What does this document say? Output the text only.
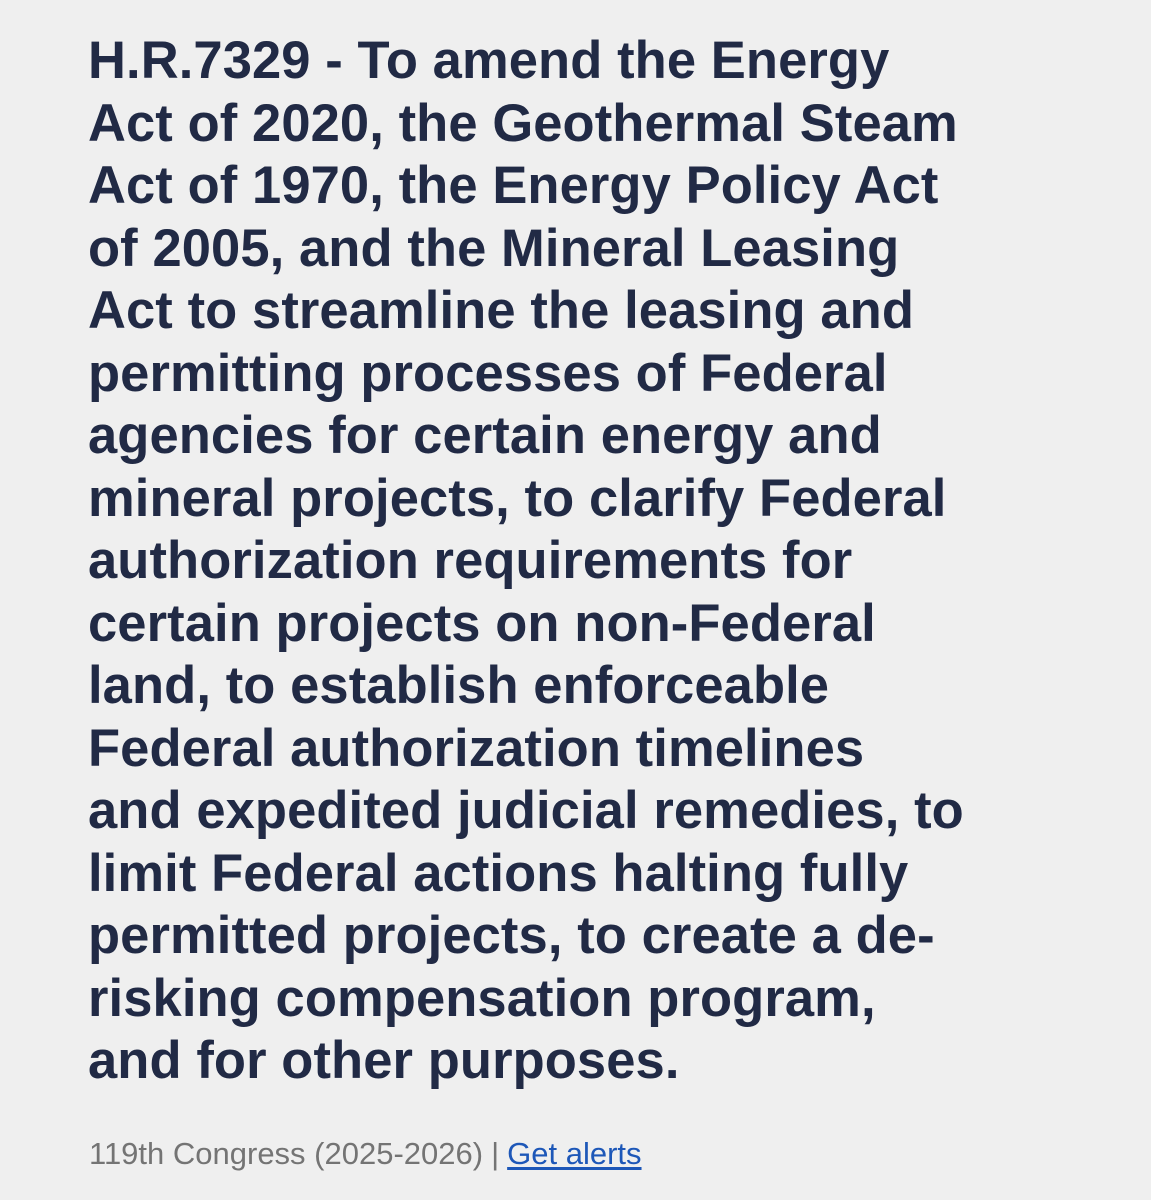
H.R.7329 - To amend the Energy
Act of 2020, the Geothermal Steam
Act of 1970, the Energy Policy Act
of 2005, and the Mineral Leasing
Act to streamline the leasing and
permitting processes of Federal
agencies for certain energy and
mineral projects, to clarify Federal
authorization requirements for
certain projects on non-Federal
land, to establish enforceable
Federal authorization timelines
and expedited judicial remedies, to
limit Federal actions halting fully
permitted projects, to create a de-
risking compensation program,
and for other purposes.
119th Congress (2025-2026) | Get alerts
